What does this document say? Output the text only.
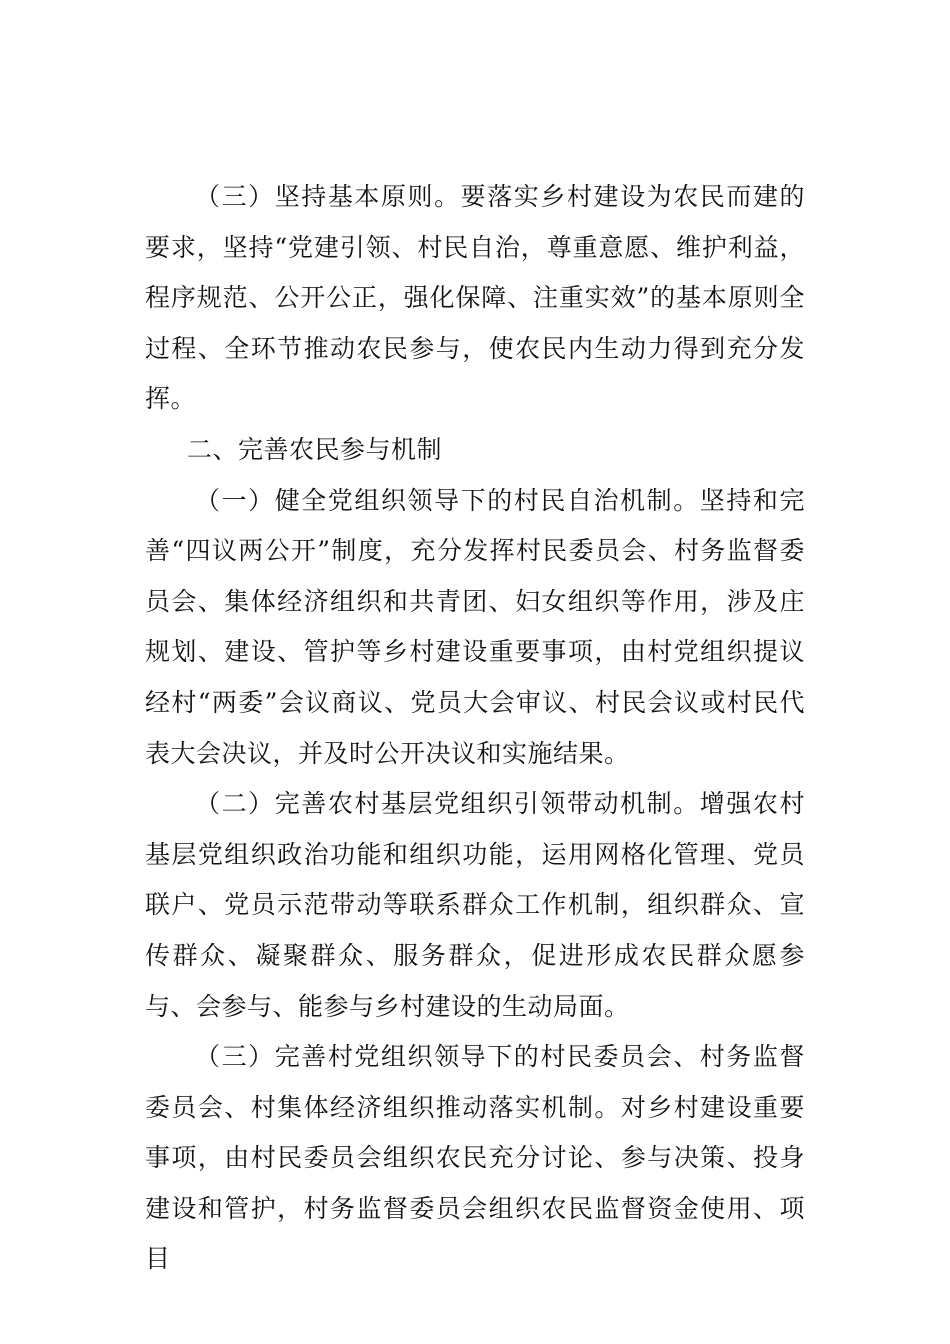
（三）坚持基本原则。要落实乡村建设为农民而建的要求，坚持“党建引领、村民自治，尊重意愿、维护利益，程序规范、公开公正，强化保障、注重实效”的基本原则全过程、全环节推动农民参与，使农民内生动力得到充分发挥。

二、完善农民参与机制

（一）健全党组织领导下的村民自治机制。坚持和完善“四议两公开”制度，充分发挥村民委员会、村务监督委员会、集体经济组织和共青团、妇女组织等作用，涉及庄规划、建设、管护等乡村建设重要事项，由村党组织提议经村“两委”会议商议、党员大会审议、村民会议或村民代表大会决议，并及时公开决议和实施结果。

（二）完善农村基层党组织引领带动机制。增强农村基层党组织政治功能和组织功能，运用网格化管理、党员联户、党员示范带动等联系群众工作机制，组织群众、宣传群众、凝聚群众、服务群众，促进形成农民群众愿参与、会参与、能参与乡村建设的生动局面。

（三）完善村党组织领导下的村民委员会、村务监督委员会、村集体经济组织推动落实机制。对乡村建设重要事项，由村民委员会组织农民充分讨论、参与决策、投身建设和管护，村务监督委员会组织农民监督资金使用、项目
